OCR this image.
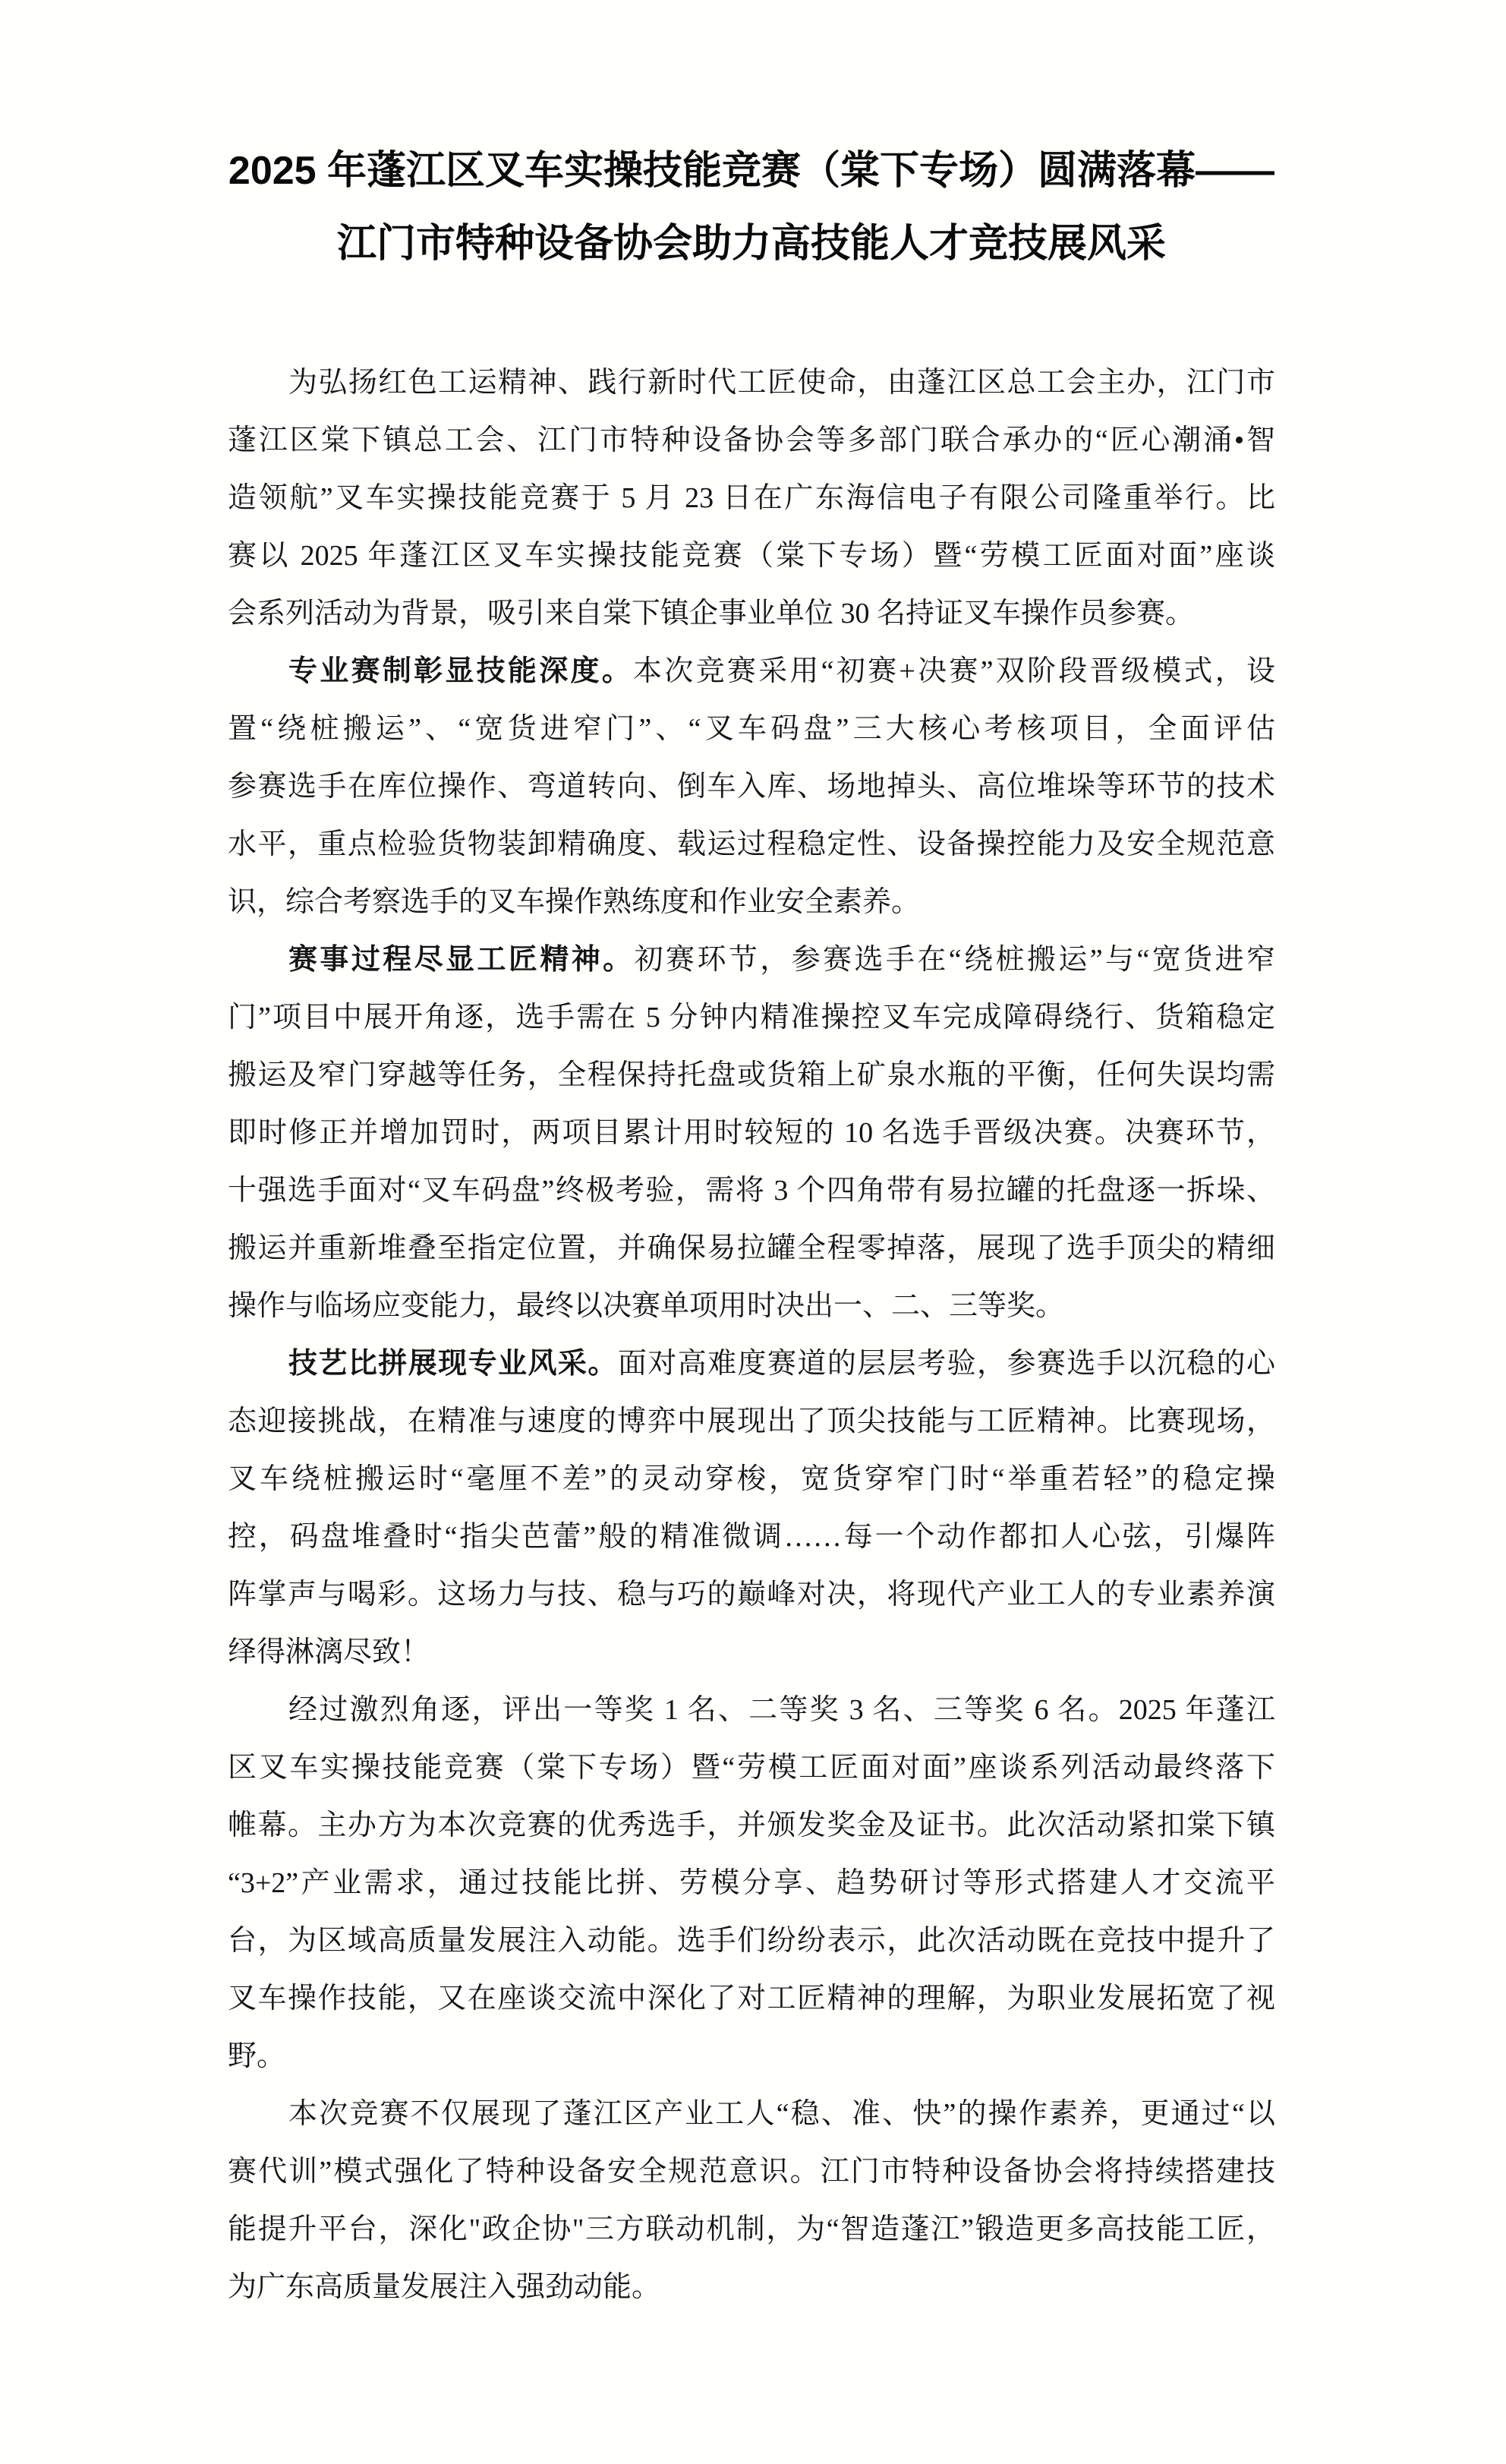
2025 年蓬江区叉车实操技能竞赛（棠下专场）圆满落幕——
江门市特种设备协会助力高技能人才竞技展风采
为弘扬红色工运精神、践行新时代工匠使命，由蓬江区总工会主办，江门市
蓬江区棠下镇总工会、江门市特种设备协会等多部门联合承办的“匠心潮涌•智
造领航”叉车实操技能竞赛于 5 月 23 日在广东海信电子有限公司隆重举行。比
赛以 2025 年蓬江区叉车实操技能竞赛（棠下专场）暨“劳模工匠面对面”座谈
会系列活动为背景，吸引来自棠下镇企事业单位 30 名持证叉车操作员参赛。
专业赛制彰显技能深度。本次竞赛采用“初赛+决赛”双阶段晋级模式，设
置“绕桩搬运”、“宽货进窄门”、“叉车码盘”三大核心考核项目，全面评估
参赛选手在库位操作、弯道转向、倒车入库、场地掉头、高位堆垛等环节的技术
水平，重点检验货物装卸精确度、载运过程稳定性、设备操控能力及安全规范意
识，综合考察选手的叉车操作熟练度和作业安全素养。
赛事过程尽显工匠精神。初赛环节，参赛选手在“绕桩搬运”与“宽货进窄
门”项目中展开角逐，选手需在 5 分钟内精准操控叉车完成障碍绕行、货箱稳定
搬运及窄门穿越等任务，全程保持托盘或货箱上矿泉水瓶的平衡，任何失误均需
即时修正并增加罚时，两项目累计用时较短的 10 名选手晋级决赛。决赛环节，
十强选手面对“叉车码盘”终极考验，需将 3 个四角带有易拉罐的托盘逐一拆垛、
搬运并重新堆叠至指定位置，并确保易拉罐全程零掉落，展现了选手顶尖的精细
操作与临场应变能力，最终以决赛单项用时决出一、二、三等奖。
技艺比拼展现专业风采。面对高难度赛道的层层考验，参赛选手以沉稳的心
态迎接挑战，在精准与速度的博弈中展现出了顶尖技能与工匠精神。比赛现场，
叉车绕桩搬运时“毫厘不差”的灵动穿梭，宽货穿窄门时“举重若轻”的稳定操
控，码盘堆叠时“指尖芭蕾”般的精准微调……每一个动作都扣人心弦，引爆阵
阵掌声与喝彩。这场力与技、稳与巧的巅峰对决，将现代产业工人的专业素养演
绎得淋漓尽致！
经过激烈角逐，评出一等奖 1 名、二等奖 3 名、三等奖 6 名。2025 年蓬江
区叉车实操技能竞赛（棠下专场）暨“劳模工匠面对面”座谈系列活动最终落下
帷幕。主办方为本次竞赛的优秀选手，并颁发奖金及证书。此次活动紧扣棠下镇
“3+2”产业需求，通过技能比拼、劳模分享、趋势研讨等形式搭建人才交流平
台，为区域高质量发展注入动能。选手们纷纷表示，此次活动既在竞技中提升了
叉车操作技能，又在座谈交流中深化了对工匠精神的理解，为职业发展拓宽了视
野。
本次竞赛不仅展现了蓬江区产业工人“稳、准、快”的操作素养，更通过“以
赛代训”模式强化了特种设备安全规范意识。江门市特种设备协会将持续搭建技
能提升平台，深化"政企协"三方联动机制，为“智造蓬江”锻造更多高技能工匠，
为广东高质量发展注入强劲动能。
